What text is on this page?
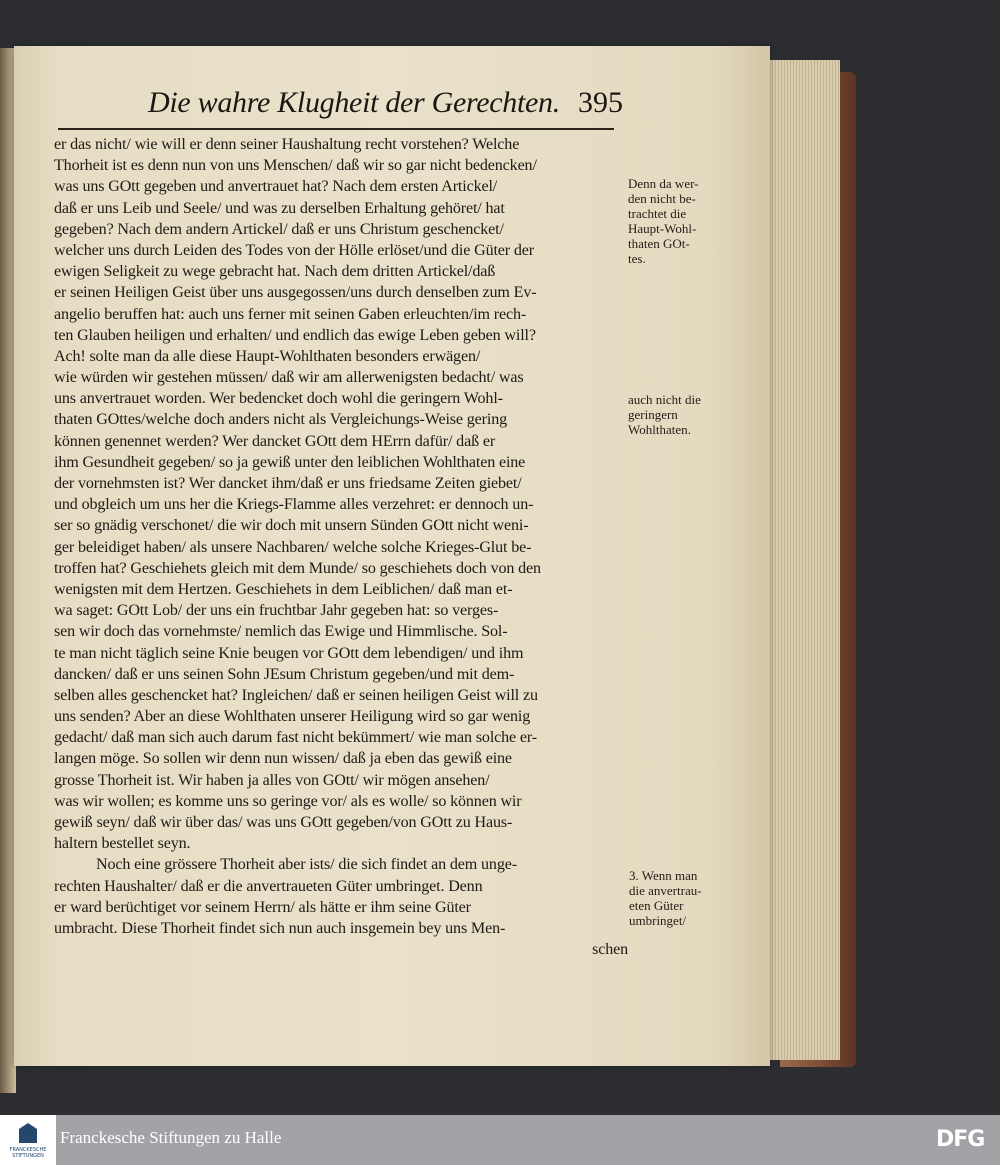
Die wahre Klugheit der Gerechten. 395
er das nicht/ wie will er denn seiner Haushaltung recht vorstehen? Welche
Thorheit ist es denn nun von uns Menschen/ daß wir so gar nicht bedencken/
was uns GOtt gegeben und anvertrauet hat? Nach dem ersten Artickel/
daß er uns Leib und Seele/ und was zu derselben Erhaltung gehöret/ hat
gegeben? Nach dem andern Artickel/ daß er uns Christum geschencket/
welcher uns durch Leiden des Todes von der Hölle erlöset/und die Güter der
ewigen Seligkeit zu wege gebracht hat. Nach dem dritten Artickel/daß
er seinen Heiligen Geist über uns ausgegossen/uns durch denselben zum Ev-
angelio beruffen hat: auch uns ferner mit seinen Gaben erleuchten/im rech-
ten Glauben heiligen und erhalten/ und endlich das ewige Leben geben will?
Ach! solte man da alle diese Haupt-Wohlthaten besonders erwägen/
wie würden wir gestehen müssen/ daß wir am allerwenigsten bedacht/ was
uns anvertrauet worden. Wer bedencket doch wohl die geringern Wohl-
thaten GOttes/welche doch anders nicht als Vergleichungs-Weise gering
können genennet werden? Wer dancket GOtt dem HErrn dafür/ daß er
ihm Gesundheit gegeben/ so ja gewiß unter den leiblichen Wohlthaten eine
der vornehmsten ist? Wer dancket ihm/daß er uns friedsame Zeiten giebet/
und obgleich um uns her die Kriegs-Flamme alles verzehret: er dennoch un-
ser so gnädig verschonet/ die wir doch mit unsern Sünden GOtt nicht weni-
ger beleidiget haben/ als unsere Nachbaren/ welche solche Krieges-Glut be-
troffen hat? Geschiehets gleich mit dem Munde/ so geschiehets doch von den
wenigsten mit dem Hertzen. Geschiehets in dem Leiblichen/ daß man et-
wa saget: GOtt Lob/ der uns ein fruchtbar Jahr gegeben hat: so verges-
sen wir doch das vornehmste/ nemlich das Ewige und Himmlische. Sol-
te man nicht täglich seine Knie beugen vor GOtt dem lebendigen/ und ihm
dancken/ daß er uns seinen Sohn JEsum Christum gegeben/und mit dem-
selben alles geschencket hat? Ingleichen/ daß er seinen heiligen Geist will zu
uns senden? Aber an diese Wohlthaten unserer Heiligung wird so gar wenig
gedacht/ daß man sich auch darum fast nicht bekümmert/ wie man solche er-
langen möge. So sollen wir denn nun wissen/ daß ja eben das gewiß eine
grosse Thorheit ist. Wir haben ja alles von GOtt/ wir mögen ansehen/
was wir wollen; es komme uns so geringe vor/ als es wolle/ so können wir
gewiß seyn/ daß wir über das/ was uns GOtt gegeben/von GOtt zu Haus-
haltern bestellet seyn.
Noch eine grössere Thorheit aber ists/ die sich findet an dem unge-
rechten Haushalter/ daß er die anvertraueten Güter umbringet. Denn
er ward berüchtiget vor seinem Herrn/ als hätte er ihm seine Güter
umbracht. Diese Thorheit findet sich nun auch insgemein bey uns Men-
schen
Denn da wer-
den nicht be-
trachtet die
Haupt-Wohl-
thaten GOt-
tes.
auch nicht die
geringern
Wohlthaten.
3. Wenn man
die anvertrau-
eten Güter
umbringet/
FRANCKESCHE STIFTUNGEN
Franckesche Stiftungen zu Halle	DFG
